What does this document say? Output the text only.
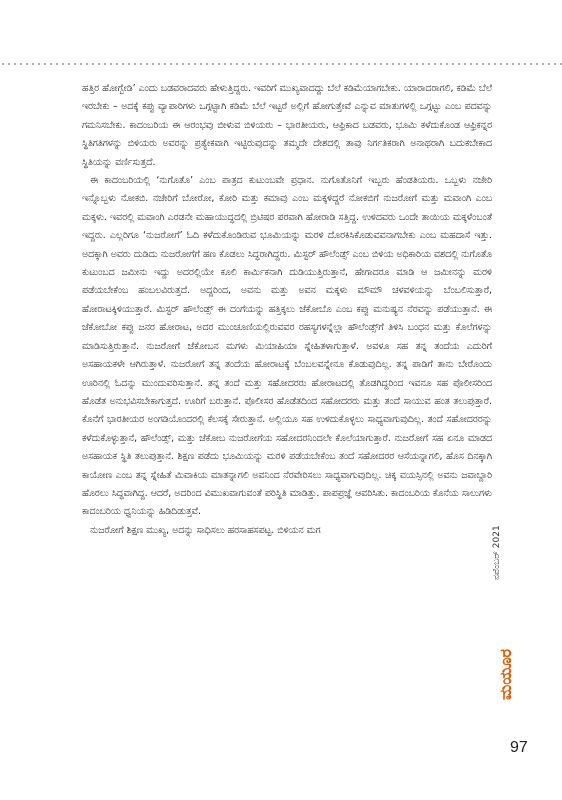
ಹತ್ತಿರ ಹೋಗ್ಬೇಡಿ’ ಎಂದು ಬಡವರಾದವರು ಹೇಳುತ್ತಿದ್ದರು. ಇವರಿಗೆ ಮುಖ್ಯವಾದದ್ದು ಬೆಲೆ ಕಡಿಮೆಯಾಗಬೇಕು. ಯಾರಾದರಾಗಲಿ, ಕಡಿಮೆ ಬೆಲೆ ಇರಬೇಕು – ಅದಕ್ಕೆ ಕಪ್ಪು ವ್ಯಾಪಾರಿಗಳು ಒಗ್ಗಟ್ಟಾಗಿ ಕಡಿಮೆ ಬೆಲೆ ಇಟ್ಟರೆ ಅಲ್ಲಿಗೆ ಹೋಗುತ್ತೇವೆ ಎನ್ನುವ ಮಾತುಗಳಲ್ಲಿ ಒಗ್ಗಟ್ಟು ಎಂಬ ಪದವನ್ನು ಗಮನಿಸಬೇಕು. ಕಾದಂಬರಿಯ ಈ ಆರಂಭವು ಬೀಳುವ ಬಿಳಿಯರು – ಭಾರತೀಯರು, ಆಫ್ರಿಕಾದ ಬಡವರು, ಭೂಮಿ ಕಳೆದುಕೊಂಡ ಆಫ್ರಿಕನ್ನರ ಸ್ಥಿತಿಗತಿಗಳನ್ನು ಬಿಳಿಯರು ಅವರನ್ನು ಪ್ರತ್ಯೇಕವಾಗಿ ಇಟ್ಟಿರುವುದನ್ನು ತಮ್ಮದೇ ದೇಶದಲ್ಲಿ ತಾವು ನಿರ್ಗತಿಕರಾಗಿ ಅನಾಥರಾಗಿ ಬದುಕಬೇಕಾದ ಸ್ಥಿತಿಯನ್ನು ವರ್ಣಿಸುತ್ತದೆ.

ಈ ಕಾದಂಬರಿಯಲ್ಲಿ ‘ನುಗೊತೊ’ ಎಂಬ ಪಾತ್ರದ ಕುಟುಂಬವೇ ಪ್ರಧಾನ. ನುಗೊತೊನಿಗೆ ಇಬ್ಬರು ಹೆಂಡತಿಯರು. ಒಬ್ಬಳು ನಜೇರಿ ಇನ್ನೊಬ್ಬಳು ನೋಕಬಿ. ನಜೇರಿಗೆ ಬೋರೋ, ಕೋರಿ ಮತ್ತು ಕಮಾವು ಎಂಬ ಮಕ್ಕಳಿದ್ದರೆ ನೋಕಬಿಗೆ ನುಜರೋಗೆ ಮತ್ತು ಮವಾಂಗಿ ಎಂಬ ಮಕ್ಕಳು. ಇವರಲ್ಲಿ ಮವಾಂಗಿ ಎರಡನೇ ಮಹಾಯುದ್ಧದಲ್ಲಿ ಬ್ರಿಟಿಷರ ಪರವಾಗಿ ಹೋರಾಡಿ ಸತ್ತಿದ್ದ. ಉಳಿದವರು ಒಂದೇ ತಾಯಿಯ ಮಕ್ಕಳೆಂಬಂತೆ ಇದ್ದರು. ಎಲ್ಲರಿಗೂ ‘ನುಜರೋಗೆ’ ಓದಿ ಕಳೆದುಕೊಂಡಿರುವ ಭೂಮಿಯನ್ನು ಮರಳಿ ದೊರಕಿಸಿಕೊಡುವವನಾಗಬೇಕು ಎಂಬ ಮಹದಾಸೆ ಇತ್ತು. ಅದಕ್ಕಾಗಿ ಅವರು ದುಡಿದು ನುಜರೋಗೆಗೆ ಹಣ ಕೊಡಲು ಸಿದ್ಧರಾಗಿದ್ದರು. ಮಿಸ್ಟರ್ ಹೌಲೆಂಡ್ಸ್ ಎಂಬ ಬಿಳಿಯ ಅಧಿಕಾರಿಯ ವಶದಲ್ಲಿ ನುಗೊತೊ ಕುಟುಂಬದ ಜಮೀನು ಇದ್ದು ಅದರಲ್ಲಿಯೇ ಕೂಲಿ ಕಾರ್ಮಿಕನಾಗಿ ದುಡಿಯುತ್ತಿರುತ್ತಾನೆ, ಹೇಗಾದರೂ ಮಾಡಿ ಆ ಜಮೀನನ್ನು ಮರಳಿ ಪಡೆಯಬೇಕೆಂಬ ಹಂಬಲವಿರುತ್ತದೆ. ಅದ್ದರಿಂದ, ಅವನು ಮತ್ತು ಅವನ ಮಕ್ಕಳು ಮೌಮೌ ಚಳವಳಿಯನ್ನು ಬೆಂಬಲಿಸುತ್ತಾರೆ, ಹೋರಾಟಕ್ಕಿಳಿಯುತ್ತಾರೆ. ಮಿಸ್ಟರ್ ಹೌಲೆಂಡ್ಸ್ ಈ ದಂಗೆಯನ್ನು ಹತ್ತಿಕ್ಕಲು ಜೆಕೋಬೊ ಎಂಬ ಕಪ್ಪು ಮನುಷ್ಯನ ನೆರವನ್ನು ಪಡೆಯುತ್ತಾನೆ. ಈ ಜೆಕೋಬೋ ಕಪ್ಪು ಜನರ ಹೋರಾಟ, ಅದರ ಮುಂಚೂಣಿಯಲ್ಲಿರುವವರ ರಹಸ್ಯಗಳನ್ನೆಲ್ಲಾ ಹೌಲೆಂಡ್ಸ್‌ಗೆ ತಿಳಿಸಿ ಬಂಧನ ಮತ್ತು ಕೊಲೆಗಳನ್ನು ಮಾಡಿಸುತ್ತಿರುತ್ತಾನೆ. ನುಜರೋಗೆ ಜೆಕೋಬನ ಮಗಳು ಮಿಯಾಹಿಯಾ ಸ್ನೇಹಿತಳಾಗುತ್ತಾಳೆ. ಅವಳೂ ಸಹ ತನ್ನ ತಂದೆಯ ಎದುರಿಗೆ ಅಸಹಾಯಕಳೇ ಆಗಿರುತ್ತಾಳೆ. ನುಜರೋಗೆ ತನ್ನ ತಂದೆಯ ಹೋರಾಟಕ್ಕೆ ಬೆಂಬಲವನ್ನೇನೂ ಕೊಡುವುದಿಲ್ಲ. ತನ್ನ ಪಾಡಿಗೆ ತಾನು ಬೇರೊಂದು ಊರಿನಲ್ಲಿ ಓದನ್ನು ಮುಂದುವರಿಸುತ್ತಾನೆ. ತನ್ನ ತಂದೆ ಮತ್ತು ಸಹೋದರರು ಹೋರಾಟದಲ್ಲಿ ತೊಡಗಿದ್ದರಿಂದ ಇವನೂ ಸಹ ಪೊಲೀಸರಿಂದ ಹೊಡೆತ ಅನುಭವಿಸಬೇಕಾಗುತ್ತದೆ. ಊರಿಗೆ ಬರುತ್ತಾನೆ. ಪೊಲೀಸರ ಹೊಡೆತದಿಂದ ಸಹೋದರರು ಮತ್ತು ತಂದೆ ಸಾಯುವ ಹಂತ ತಲುಪುತ್ತಾರೆ. ಕೊನೆಗೆ ಭಾರತೀಯರ ಅಂಗಡಿಯೊಂದರಲ್ಲಿ ಕೆಲಸಕ್ಕೆ ಸೇರುತ್ತಾನೆ. ಅಲ್ಲಿಯೂ ಸಹ ಉಳಿದುಕೊಳ್ಳಲು ಸಾಧ್ಯವಾಗುವುದಿಲ್ಲ. ತಂದೆ ಸಹೋದರರನ್ನು ಕಳೆದುಕೊಳ್ಳುತ್ತಾನೆ, ಹೌಲೆಂಡ್ಸ್, ಮತ್ತು ಜೆಕೋಬ ನುಜರೋಗೆಯ ಸಹೋದರನಿಂದಲೇ ಕೊಲೆಯಾಗುತ್ತಾರೆ. ನುಜರೋಗೆ ಸಹ ಏನೂ ಮಾಡದ ಅಸಹಾಯಕ ಸ್ಥಿತಿ ತಲುಪುತ್ತಾನೆ. ಶಿಕ್ಷಣ ಪಡೆದು ಭೂಮಿಯನ್ನು ಮರಳಿ ಪಡೆಯಬೇಕೆಂಬ ತಂದೆ ಸಹೋದರರ ಆಸೆಯನ್ನಾಗಲಿ, ಹೊಸ ದಿನಕ್ಕಾಗಿ ಕಾಯೋಣ ಎಂಬ ತನ್ನ ಸ್ನೇಹಿತೆ ಮಿವಾಕಿಯ ಮಾತನ್ನಾಗಲಿ ಅವನಿಂದ ನೆರವೇರಿಸಲು ಸಾಧ್ಯವಾಗುವುದಿಲ್ಲ. ಚಿಕ್ಕ ವಯಸ್ಸಿನಲ್ಲಿ ಅವನು ಜವಾಬ್ದಾರಿ ಹೊರಲು ಸಿದ್ಧವಾಗಿದ್ದ. ಆದರೆ, ಅದರಿಂದ ವಿಮುಖವಾಗುವಂತೆ ಪರಿಸ್ಥಿತಿ ಮಾಡಿತ್ತು. ಪಾಪಪ್ರಜ್ಞೆ ಆವರಿಸಿತು. ಕಾದಂಬರಿಯ ಕೊನೆಯ ಸಾಲುಗಳು ಕಾದಂಬರಿಯ ಧ್ವನಿಯನ್ನು ಹಿಡಿದಿಡುತ್ತವೆ.

ನುಜರೋಗೆ ಶಿಕ್ಷಣ ಮುಖ್ಯ, ಅದನ್ನು ಸಾಧಿಸಲು ಹರಸಾಹಸಪಟ್ಟ. ಬಿಳಿಯನ ಮಗ	ನವೆಂಬರ್ 2021
ಮಯೂರ
97
